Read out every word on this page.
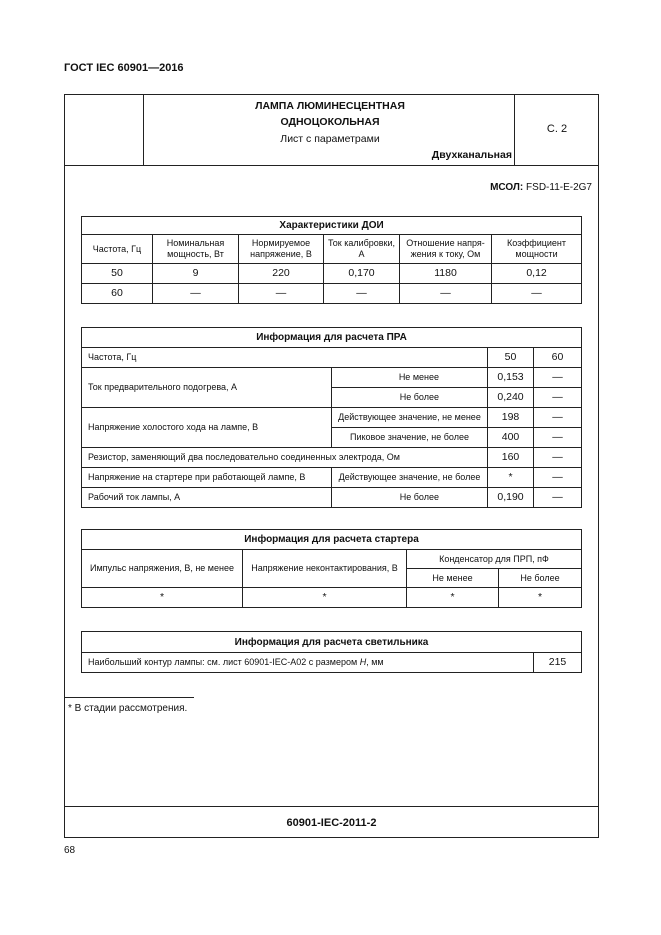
ГОСТ IEC 60901—2016
С. 2
ЛАМПА ЛЮМИНЕСЦЕНТНАЯ
ОДНОЦОКОЛЬНАЯ
Лист с параметрами
Двухканальная
МСОЛ: FSD-11-E-2G7
Характеристики ДОИ					
Частота, Гц	Номинальная мощность, Вт	Нормируемое напряжение, В	Ток калибровки, А	Отношение напря-жения к току, Ом	Коэффициент мощности
50	9	220	0,170	1180	0,12
60	—	—	—	—	—
Информация для расчета ПРА			
Частота, Гц		50	60
Ток предварительного подогрева, А	Не менее	0,153	—
	Не более	0,240	—
Напряжение холостого хода на лампе, В	Действующее значение, не менее	198	—
	Пиковое значение, не более	400	—
Резистор, заменяющий два последовательно соединенных электрода, Ом		160	—
Напряжение на стартере при работающей лампе, В	Действующее значение, не более	*	—
Рабочий ток лампы, А	Не более	0,190	—
Информация для расчета стартера			
Импульс напряжения, В, не менее	Напряжение неконтактирования, В	Конденсатор для ПРП, пФ	
		Не менее	Не более
*	*	*	*
Информация для расчета светильника
Наибольший контур лампы: см. лист 60901-IEC-A02 с размером H, мм	215
* В стадии рассмотрения.
60901-IEC-2011-2
68
